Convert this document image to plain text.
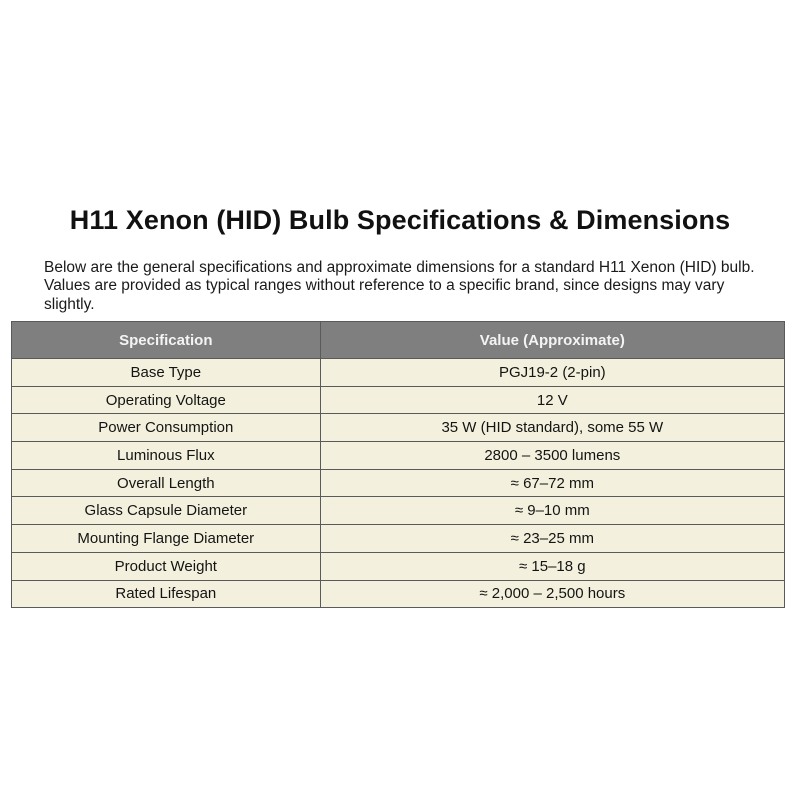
H11 Xenon (HID) Bulb Specifications & Dimensions

Below are the general specifications and approximate dimensions for a standard H11 Xenon (HID) bulb. Values are provided as typical ranges without reference to a specific brand, since designs may vary slightly.

Specification	Value (Approximate)
Base Type	PGJ19-2 (2-pin)
Operating Voltage	12 V
Power Consumption	35 W (HID standard), some 55 W
Luminous Flux	2800 – 3500 lumens
Overall Length	≈ 67–72 mm
Glass Capsule Diameter	≈ 9–10 mm
Mounting Flange Diameter	≈ 23–25 mm
Product Weight	≈ 15–18 g
Rated Lifespan	≈ 2,000 – 2,500 hours
